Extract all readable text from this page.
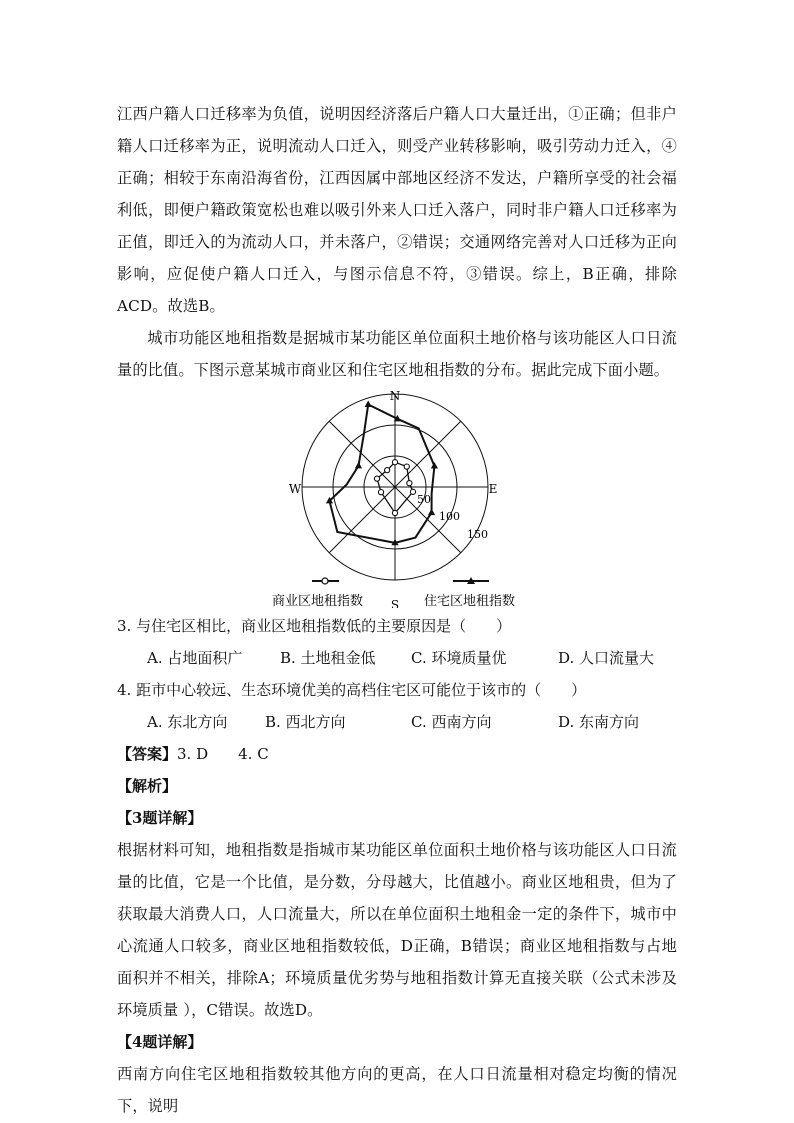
江西户籍人口迁移率为负值，说明因经济落后户籍人口大量迁出，①正确；但非户籍人口迁移率为正，说明流动人口迁入，则受产业转移影响，吸引劳动力迁入，④正确；相较于东南沿海省份，江西因属中部地区经济不发达，户籍所享受的社会福利低，即便户籍政策宽松也难以吸引外来人口迁入落户，同时非户籍人口迁移率为正值，即迁入的为流动人口，并未落户，②错误；交通网络完善对人口迁移为正向影响，应促使户籍人口迁入，与图示信息不符，③错误。综上，B正确，排除ACD。故选B。

城市功能区地租指数是据城市某功能区单位面积土地价格与该功能区人口日流量的比值。下图示意某城市商业区和住宅区地租指数的分布。据此完成下面小题。

N
E
S
W
50
100
150
商业区地租指数	住宅区地租指数

3. 与住宅区相比，商业区地租指数低的主要原因是（　　）

A. 占地面积广	B. 土地租金低	C. 环境质量优	D. 人口流量大

4. 距市中心较远、生态环境优美的高档住宅区可能位于该市的（　　）

A. 东北方向	B. 西北方向	C. 西南方向	D. 东南方向

【答案】3. D　　4. C

【解析】

【3题详解】

根据材料可知，地租指数是指城市某功能区单位面积土地价格与该功能区人口日流量的比值，它是一个比值，是分数，分母越大，比值越小。商业区地租贵，但为了获取最大消费人口，人口流量大，所以在单位面积土地租金一定的条件下，城市中心流通人口较多，商业区地租指数较低，D正确，B错误；商业区地租指数与占地面积并不相关，排除A；环境质量优劣势与地租指数计算无直接关联（公式未涉及环境质量 ），C错误。故选D。

【4题详解】

西南方向住宅区地租指数较其他方向的更高，在人口日流量相对稳定均衡的情况下，说明
